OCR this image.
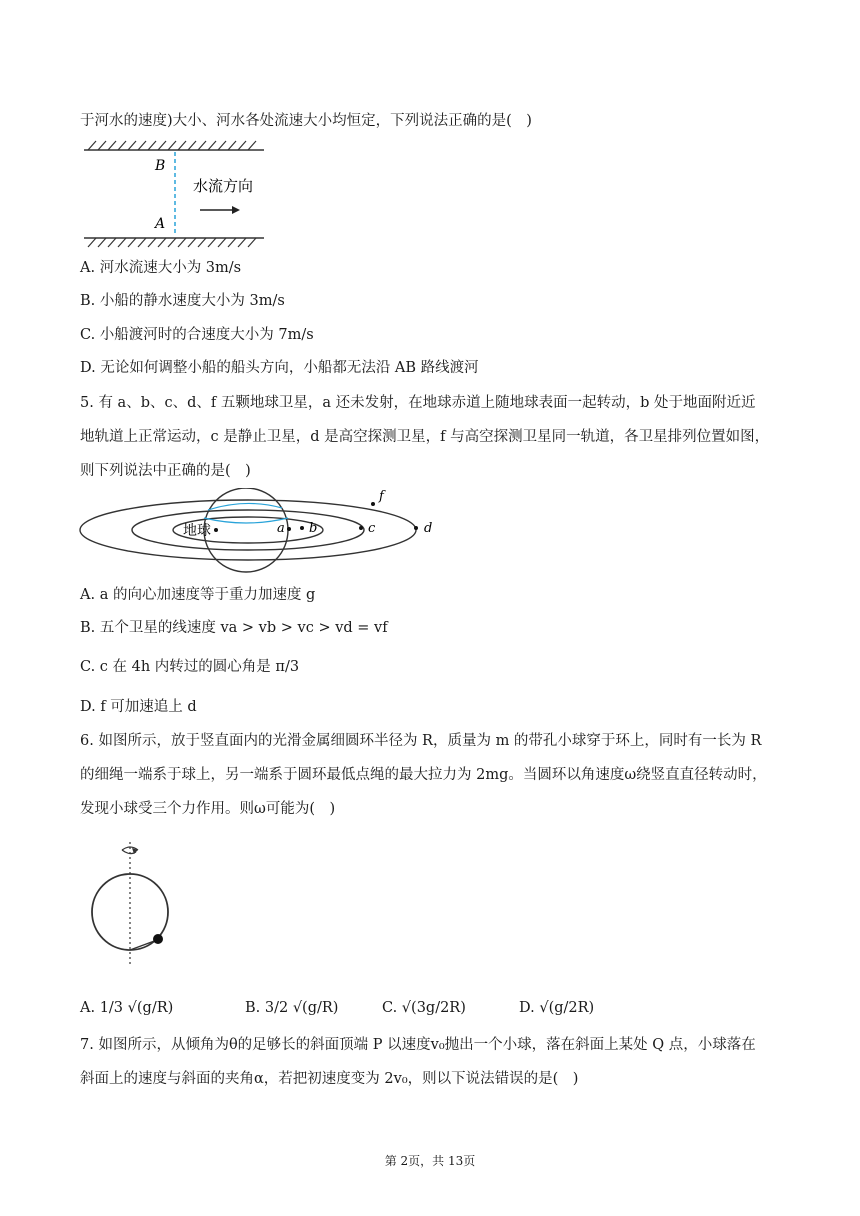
于河水的速度)大小、河水各处流速大小均恒定，下列说法正确的是(　)
B
A
水流方向
A. 河水流速大小为 3m/s
B. 小船的静水速度大小为 3m/s
C. 小船渡河时的合速度大小为 7m/s
D. 无论如何调整小船的船头方向，小船都无法沿 AB 路线渡河
5. 有 a、b、c、d、f 五颗地球卫星，a 还未发射，在地球赤道上随地球表面一起转动，b 处于地面附近近
地轨道上正常运动，c 是静止卫星，d 是高空探测卫星，f 与高空探测卫星同一轨道，各卫星排列位置如图，
则下列说法中正确的是(　)
地球	a b	c	d
f
A. a 的向心加速度等于重力加速度 g
B. 五个卫星的线速度 va > vb > vc > vd = vf
C. c 在 4h 内转过的圆心角是 π/3
D. f 可加速追上 d
6. 如图所示，放于竖直面内的光滑金属细圆环半径为 R，质量为 m 的带孔小球穿于环上，同时有一长为 R
的细绳一端系于球上，另一端系于圆环最低点绳的最大拉力为 2mg。当圆环以角速度ω绕竖直直径转动时，
发现小球受三个力作用。则ω可能为(　)
A. 1/3 √(g/R)	B. 3/2 √(g/R)	C. √(3g/2R)	D. √(g/2R)
7. 如图所示，从倾角为θ的足够长的斜面顶端 P 以速度v₀抛出一个小球，落在斜面上某处 Q 点，小球落在
斜面上的速度与斜面的夹角α，若把初速度变为 2v₀，则以下说法错误的是(　)
第 2页，共 13页
